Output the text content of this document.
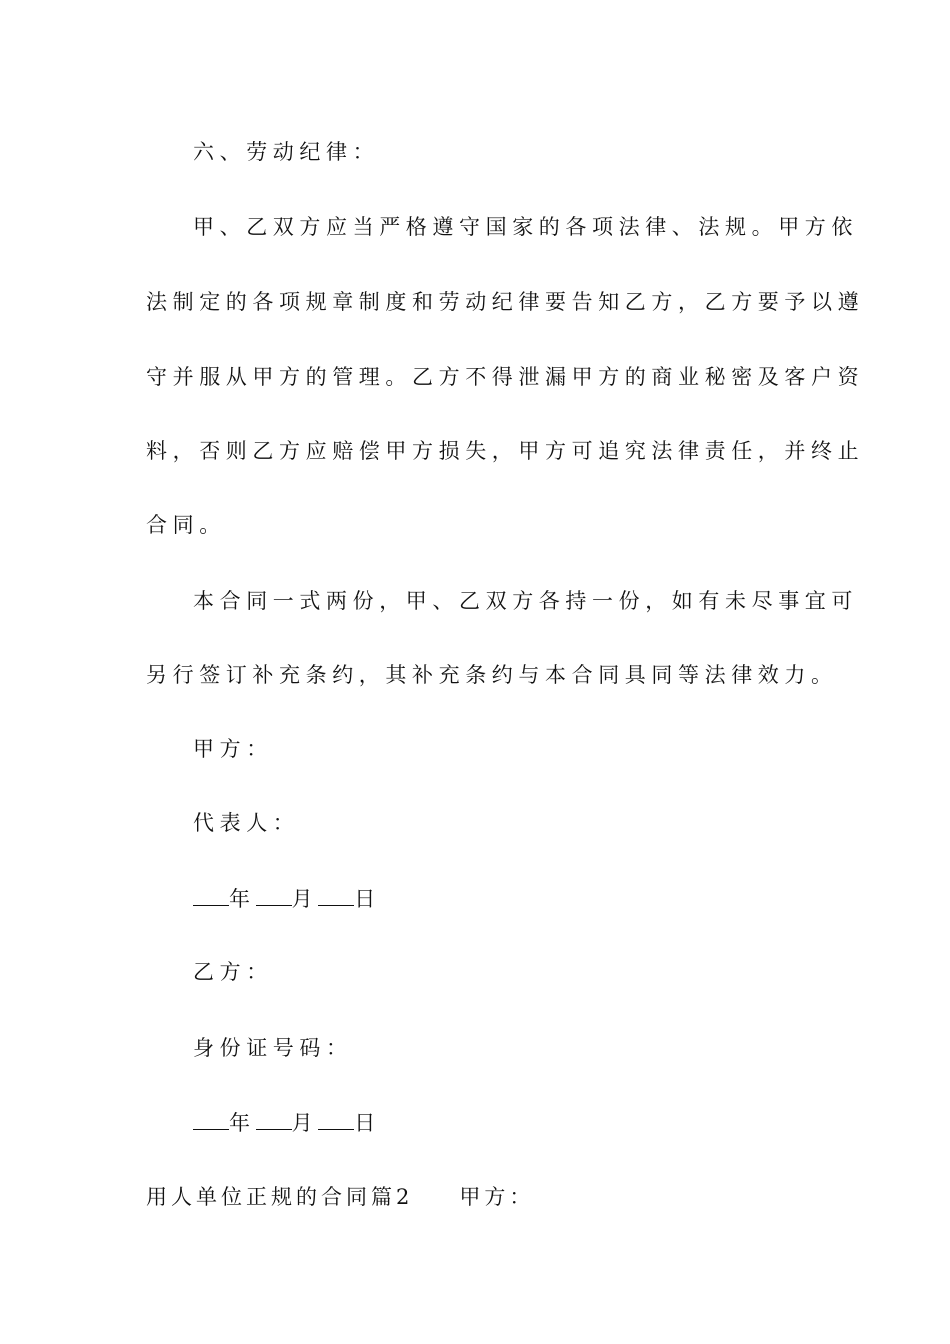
六、劳动纪律：
甲、乙双方应当严格遵守国家的各项法律、法规。甲方依
法制定的各项规章制度和劳动纪律要告知乙方，乙方要予以遵
守并服从甲方的管理。乙方不得泄漏甲方的商业秘密及客户资
料，否则乙方应赔偿甲方损失，甲方可追究法律责任，并终止
合同。
本合同一式两份，甲、乙双方各持一份，如有未尽事宜可
另行签订补充条约，其补充条约与本合同具同等法律效力。
甲方：
代表人：
年 月 日
乙方：
身份证号码：
年 月 日
用人单位正规的合同篇2 甲方：
